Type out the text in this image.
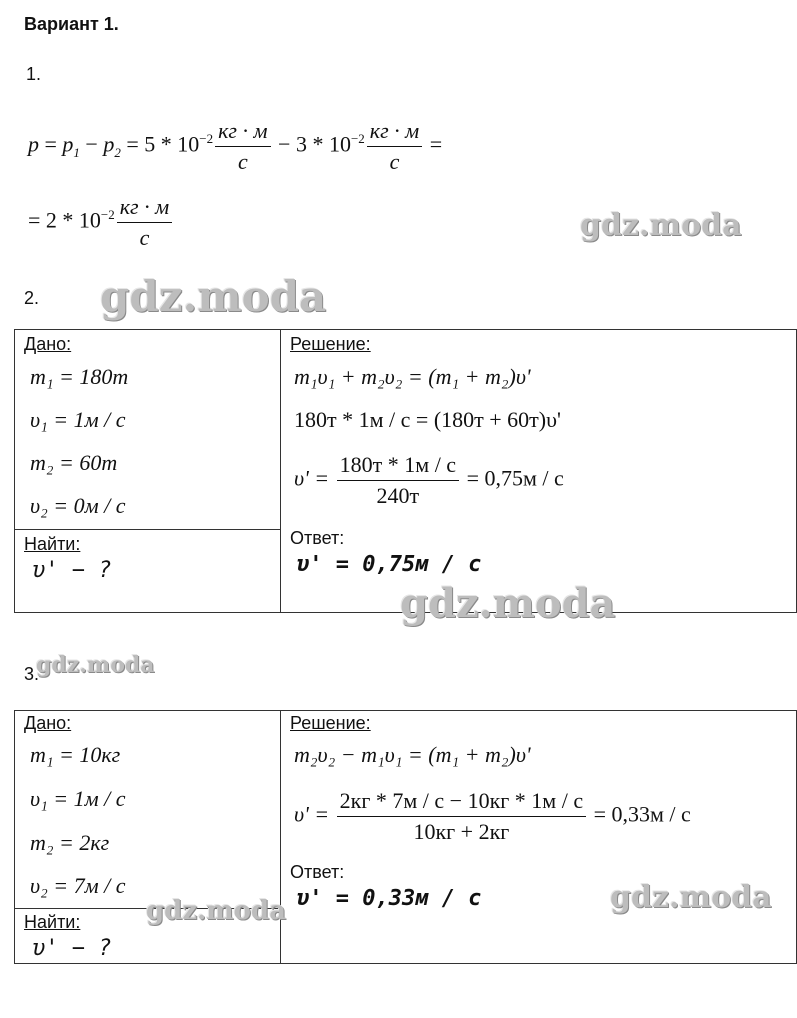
Вариант 1.
1.
$p = p_1 - p_2 = 5 * 10^{-2} \frac{кг \cdot м}{с} - 3 * 10^{-2} \frac{кг \cdot м}{с}$ =
= $2 * 10^{-2} \frac{кг \cdot м}{с}$	gdz.moda
2. gdz.moda
Дано:
m₁ = 180т
υ₁ = 1м / с
m₂ = 60т
υ₂ = 0м / с
Найти:
υ' − ?
Решение:
m₁υ₁ + m₂υ₂ = (m₁ + m₂)υ'
180т * 1м / с = (180т + 60т)υ'
$\upsilon' = \frac{180т * 1м / с}{240т} = 0,75м / с$
Ответ:
υ' = 0,75м / с
gdz.moda
3.
gdz.moda
Дано:
m₁ = 10кг
υ₁ = 1м / с
m₂ = 2кг
υ₂ = 7м / с
Найти:
υ' − ?
Решение:
m₂υ₂ − m₁υ₁ = (m₁ + m₂)υ'
$\upsilon' = \frac{2кг * 7м / с - 10кг * 1м / с}{10кг + 2кг} = 0,33м / с$
Ответ:
υ' = 0,33м / с
gdz.moda	gdz.moda
